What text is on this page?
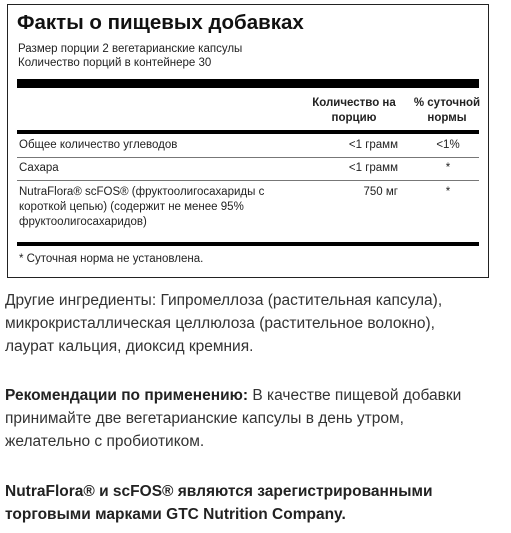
Факты о пищевых добавках
Размер порции 2 вегетарианские капсулы
Количество порций в контейнере 30
Количество на
порцию
% суточной
нормы
Общее количество углеводов	<1 грамм	<1%
Сахара	<1 грамм	*
NutraFlora® scFOS® (фруктоолигосахариды с
короткой цепью) (содержит не менее 95%
фруктоолигосахаридов)
750 мг	*
* Суточная норма не установлена.
Другие ингредиенты: Гипромеллоза (растительная капсула),
микрокристаллическая целлюлоза (растительное волокно),
лаурат кальция, диоксид кремния.
Рекомендации по применению: В качестве пищевой добавки
принимайте две вегетарианские капсулы в день утром,
желательно с пробиотиком.
NutraFlora® и scFOS® являются зарегистрированными
торговыми марками GTC Nutrition Company.
